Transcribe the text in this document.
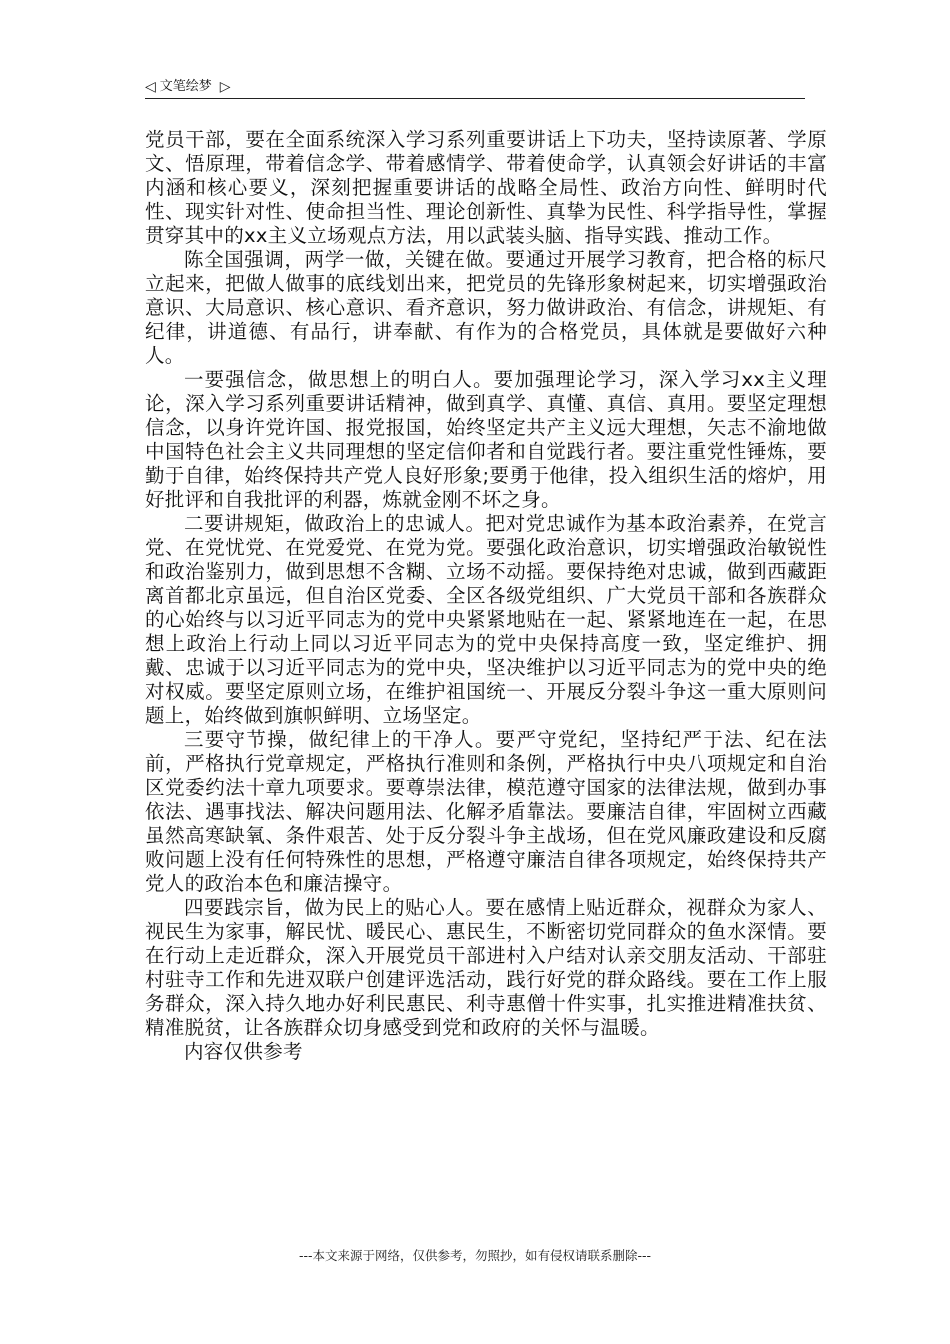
◁ 文笔绘梦 ▷

党员干部，要在全面系统深入学习系列重要讲话上下功夫，坚持读原著、学原文、悟原理，带着信念学、带着感情学、带着使命学，认真领会好讲话的丰富内涵和核心要义，深刻把握重要讲话的战略全局性、政治方向性、鲜明时代性、现实针对性、使命担当性、理论创新性、真挚为民性、科学指导性，掌握贯穿其中的xx主义立场观点方法，用以武装头脑、指导实践、推动工作。

陈全国强调，两学一做，关键在做。要通过开展学习教育，把合格的标尺立起来，把做人做事的底线划出来，把党员的先锋形象树起来，切实增强政治意识、大局意识、核心意识、看齐意识，努力做讲政治、有信念，讲规矩、有纪律，讲道德、有品行，讲奉献、有作为的合格党员，具体就是要做好六种人。

一要强信念，做思想上的明白人。要加强理论学习，深入学习xx主义理论，深入学习系列重要讲话精神，做到真学、真懂、真信、真用。要坚定理想信念，以身许党许国、报党报国，始终坚定共产主义远大理想，矢志不渝地做中国特色社会主义共同理想的坚定信仰者和自觉践行者。要注重党性锤炼，要勤于自律，始终保持共产党人良好形象;要勇于他律，投入组织生活的熔炉，用好批评和自我批评的利器，炼就金刚不坏之身。

二要讲规矩，做政治上的忠诚人。把对党忠诚作为基本政治素养，在党言党、在党忧党、在党爱党、在党为党。要强化政治意识，切实增强政治敏锐性和政治鉴别力，做到思想不含糊、立场不动摇。要保持绝对忠诚，做到西藏距离首都北京虽远，但自治区党委、全区各级党组织、广大党员干部和各族群众的心始终与以习近平同志为的党中央紧紧地贴在一起、紧紧地连在一起，在思想上政治上行动上同以习近平同志为的党中央保持高度一致，坚定维护、拥戴、忠诚于以习近平同志为的党中央，坚决维护以习近平同志为的党中央的绝对权威。要坚定原则立场，在维护祖国统一、开展反分裂斗争这一重大原则问题上，始终做到旗帜鲜明、立场坚定。

三要守节操，做纪律上的干净人。要严守党纪，坚持纪严于法、纪在法前，严格执行党章规定，严格执行准则和条例，严格执行中央八项规定和自治区党委约法十章九项要求。要尊崇法律，模范遵守国家的法律法规，做到办事依法、遇事找法、解决问题用法、化解矛盾靠法。要廉洁自律，牢固树立西藏虽然高寒缺氧、条件艰苦、处于反分裂斗争主战场，但在党风廉政建设和反腐败问题上没有任何特殊性的思想，严格遵守廉洁自律各项规定，始终保持共产党人的政治本色和廉洁操守。

四要践宗旨，做为民上的贴心人。要在感情上贴近群众，视群众为家人、视民生为家事，解民忧、暖民心、惠民生，不断密切党同群众的鱼水深情。要在行动上走近群众，深入开展党员干部进村入户结对认亲交朋友活动、干部驻村驻寺工作和先进双联户创建评选活动，践行好党的群众路线。要在工作上服务群众，深入持久地办好利民惠民、利寺惠僧十件实事，扎实推进精准扶贫、精准脱贫，让各族群众切身感受到党和政府的关怀与温暖。

内容仅供参考

---本文来源于网络，仅供参考，勿照抄，如有侵权请联系删除---
